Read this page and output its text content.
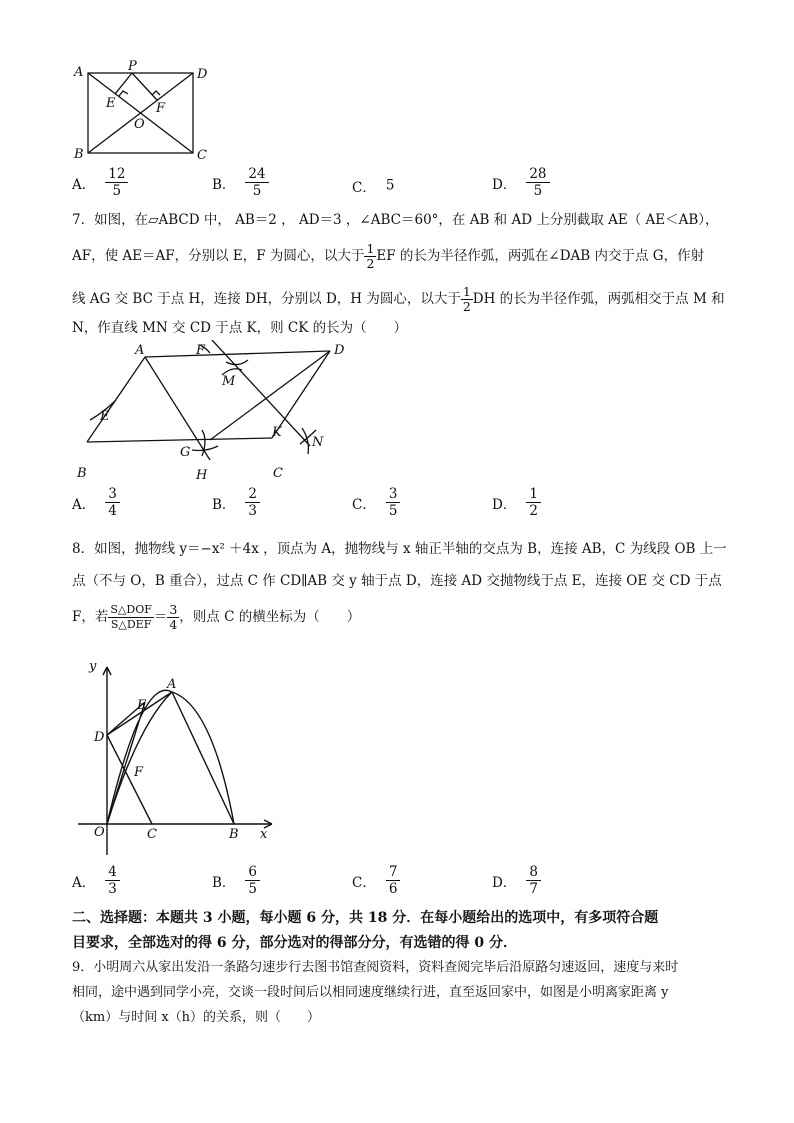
A	P
D
E	F
O
B	C
A． $\frac{12}{5}$	B． $\frac{24}{5}$	C． 5	D． $\frac{28}{5}$
7．如图，在▱ABCD 中， AB＝2 ， AD＝3 ，∠ABC＝60°，在 AB 和 AD 上分别截取 AE（ AE＜AB），
AF，使 AE＝AF，分别以 E，F 为圆心，以大于 $\frac{1}{2}$ EF 的长为半径作弧，两弧在∠DAB 内交于点 G，作射
线 AG 交 BC 于点 H，连接 DH，分别以 D，H 为圆心，以大于 $\frac{1}{2}$ DH 的长为半径作弧，两弧相交于点 M 和
N，作直线 MN 交 CD 于点 K，则 CK 的长为（　　）
A	F	D
M
E
K
N
G
B	H	C
A． $\frac{3}{4}$	B． $\frac{2}{3}$	C． $\frac{3}{5}$	D． $\frac{1}{2}$
8．如图，抛物线 y＝−x² ＋4x ，顶点为 A，抛物线与 x 轴正半轴的交点为 B，连接 AB，C 为线段 OB 上一
点（不与 O，B 重合），过点 C 作 CD∥AB 交 y 轴于点 D，连接 AD 交抛物线于点 E，连接 OE 交 CD 于点
F，若 $\frac{\text{S△DOF}}{\text{S△DEF}} = \frac{3}{4}$ ，则点 C 的横坐标为（　　）
y
A
E
D
F
O	C	B x
A． $\frac{4}{3}$	B． $\frac{6}{5}$	C． $\frac{7}{6}$	D． $\frac{8}{7}$
二、选择题：本题共 3 小题，每小题 6 分，共 18 分．在每小题给出的选项中，有多项符合题
目要求，全部选对的得 6 分，部分选对的得部分分，有选错的得 0 分．
9．小明周六从家出发沿一条路匀速步行去图书馆查阅资料，资料查阅完毕后沿原路匀速返回，速度与来时
相同，途中遇到同学小亮，交谈一段时间后以相同速度继续行进，直至返回家中，如图是小明离家距离 y
（km）与时间 x（h）的关系，则（　　）
